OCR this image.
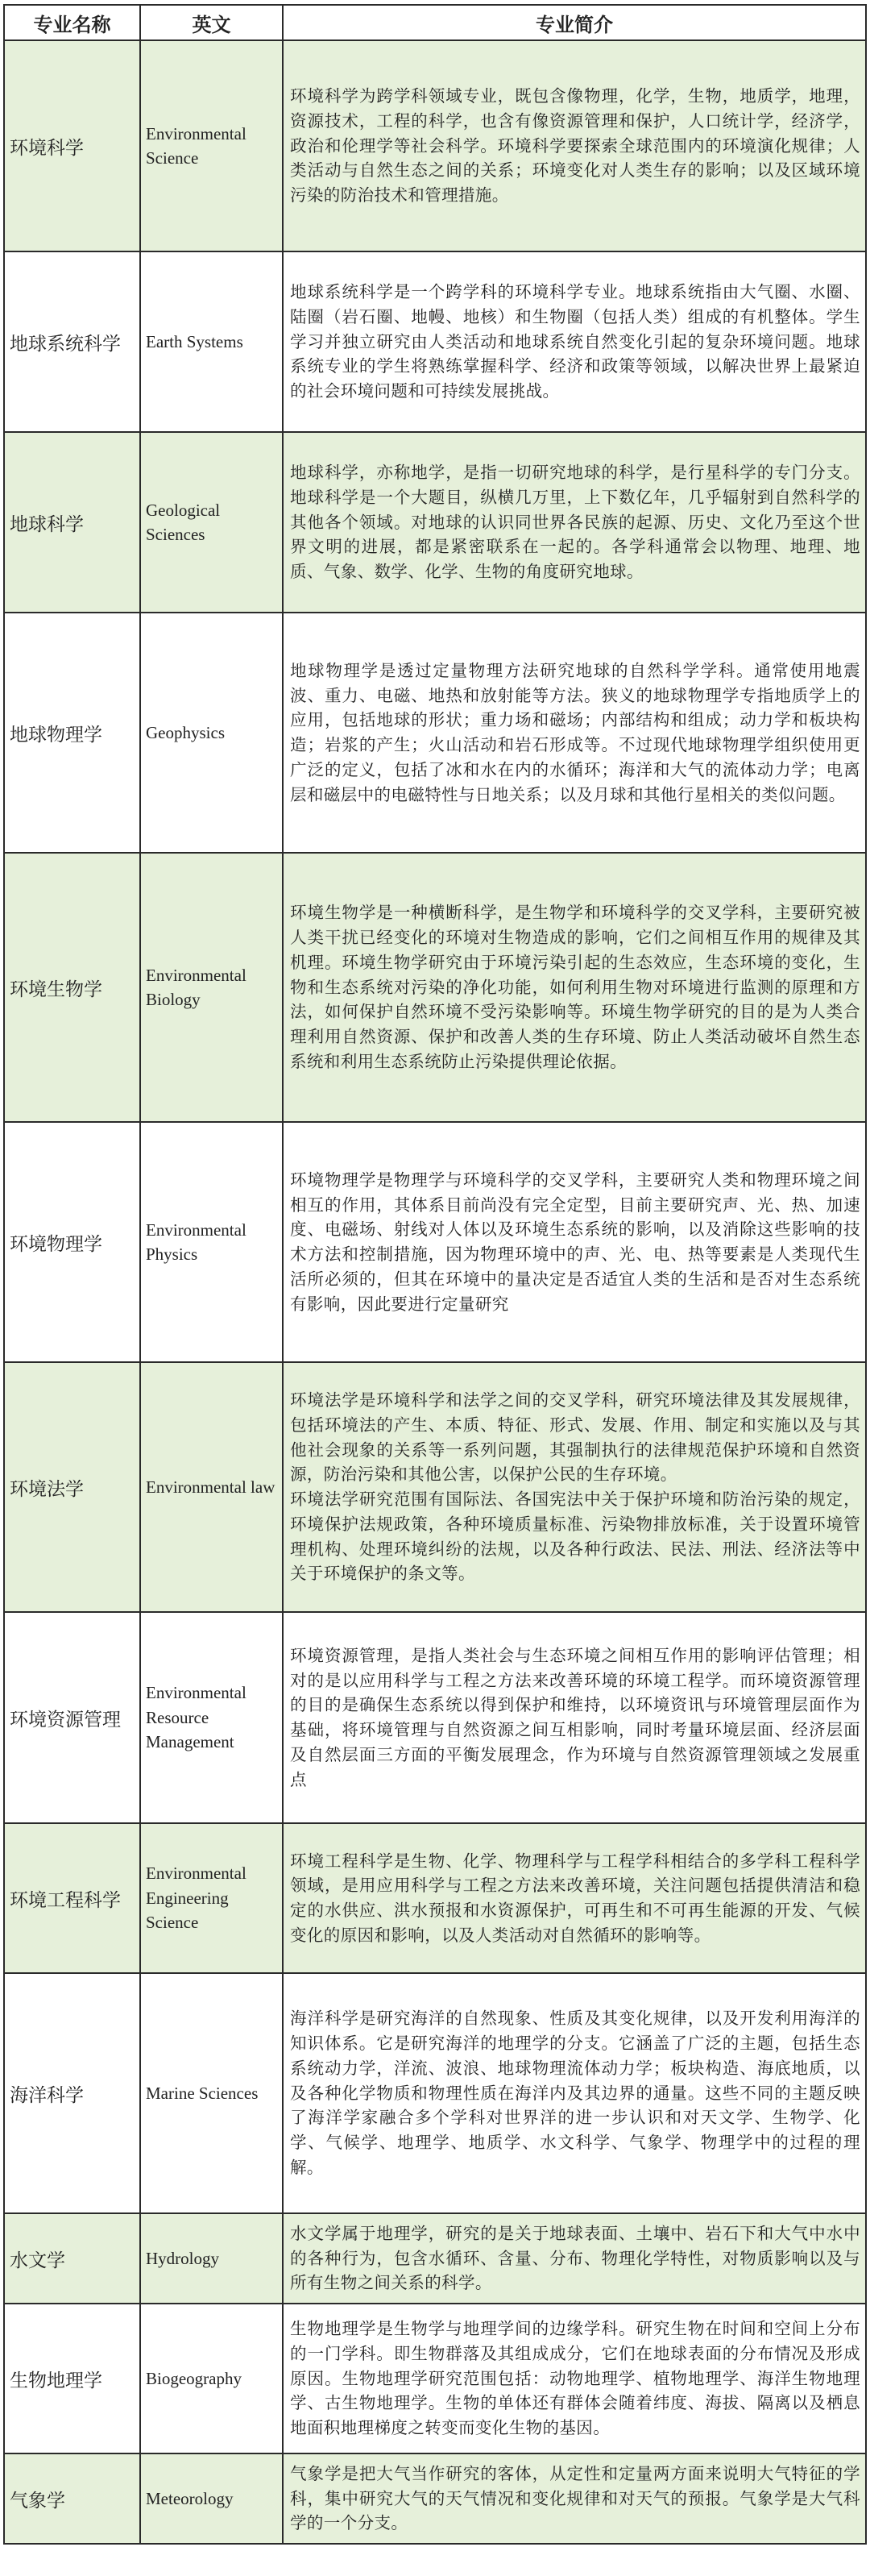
专业名称	英文	专业简介
环境科学	Environmental Science	环境科学为跨学科领域专业，既包含像物理，化学，生物，地质学，地理，资源技术，工程的科学，也含有像资源管理和保护，人口统计学，经济学，政治和伦理学等社会科学。环境科学要探索全球范围内的环境演化规律；人类活动与自然生态之间的关系；环境变化对人类生存的影响；以及区域环境污染的防治技术和管理措施。

地球系统科学	Earth Systems	地球系统科学是一个跨学科的环境科学专业。地球系统指由大气圈、水圈、陆圈（岩石圈、地幔、地核）和生物圈（包括人类）组成的有机整体。学生学习并独立研究由人类活动和地球系统自然变化引起的复杂环境问题。地球系统专业的学生将熟练掌握科学、经济和政策等领域，以解决世界上最紧迫的社会环境问题和可持续发展挑战。

地球科学	Geological Sciences	地球科学，亦称地学，是指一切研究地球的科学，是行星科学的专门分支。地球科学是一个大题目，纵横几万里，上下数亿年，几乎辐射到自然科学的其他各个领域。对地球的认识同世界各民族的起源、历史、文化乃至这个世界文明的进展，都是紧密联系在一起的。各学科通常会以物理、地理、地质、气象、数学、化学、生物的角度研究地球。

地球物理学	Geophysics	地球物理学是透过定量物理方法研究地球的自然科学学科。通常使用地震波、重力、电磁、地热和放射能等方法。狭义的地球物理学专指地质学上的应用，包括地球的形状；重力场和磁场；内部结构和组成；动力学和板块构造；岩浆的产生；火山活动和岩石形成等。不过现代地球物理学组织使用更广泛的定义，包括了冰和水在内的水循环；海洋和大气的流体动力学；电离层和磁层中的电磁特性与日地关系；以及月球和其他行星相关的类似问题。

环境生物学	Environmental Biology	环境生物学是一种横断科学，是生物学和环境科学的交叉学科，主要研究被人类干扰已经变化的环境对生物造成的影响，它们之间相互作用的规律及其机理。环境生物学研究由于环境污染引起的生态效应，生态环境的变化，生物和生态系统对污染的净化功能，如何利用生物对环境进行监测的原理和方法，如何保护自然环境不受污染影响等。环境生物学研究的目的是为人类合理利用自然资源、保护和改善人类的生存环境、防止人类活动破坏自然生态系统和利用生态系统防止污染提供理论依据。

环境物理学	Environmental Physics	环境物理学是物理学与环境科学的交叉学科，主要研究人类和物理环境之间相互的作用，其体系目前尚没有完全定型，目前主要研究声、光、热、加速度、电磁场、射线对人体以及环境生态系统的影响，以及消除这些影响的技术方法和控制措施，因为物理环境中的声、光、电、热等要素是人类现代生活所必须的，但其在环境中的量决定是否适宜人类的生活和是否对生态系统有影响，因此要进行定量研究

环境法学	Environmental law	环境法学是环境科学和法学之间的交叉学科，研究环境法律及其发展规律，包括环境法的产生、本质、特征、形式、发展、作用、制定和实施以及与其他社会现象的关系等一系列问题，其强制执行的法律规范保护环境和自然资源，防治污染和其他公害，以保护公民的生存环境。
环境法学研究范围有国际法、各国宪法中关于保护环境和防治污染的规定，环境保护法规政策，各种环境质量标准、污染物排放标准，关于设置环境管理机构、处理环境纠纷的法规，以及各种行政法、民法、刑法、经济法等中关于环境保护的条文等。

环境资源管理	Environmental Resource Management	环境资源管理，是指人类社会与生态环境之间相互作用的影响评估管理；相对的是以应用科学与工程之方法来改善环境的环境工程学。而环境资源管理的目的是确保生态系统以得到保护和维持，以环境资讯与环境管理层面作为基础，将环境管理与自然资源之间互相影响，同时考量环境层面、经济层面及自然层面三方面的平衡发展理念，作为环境与自然资源管理领域之发展重点

环境工程科学	Environmental Engineering Science	环境工程科学是生物、化学、物理科学与工程学科相结合的多学科工程科学领域，是用应用科学与工程之方法来改善环境，关注问题包括提供清洁和稳定的水供应、洪水预报和水资源保护，可再生和不可再生能源的开发、气候变化的原因和影响，以及人类活动对自然循环的影响等。

海洋科学	Marine Sciences	海洋科学是研究海洋的自然现象、性质及其变化规律，以及开发利用海洋的知识体系。它是研究海洋的地理学的分支。它涵盖了广泛的主题，包括生态系统动力学，洋流、波浪、地球物理流体动力学；板块构造、海底地质，以及各种化学物质和物理性质在海洋内及其边界的通量。这些不同的主题反映了海洋学家融合多个学科对世界洋的进一步认识和对天文学、生物学、化学、气候学、地理学、地质学、水文科学、气象学、物理学中的过程的理解。

水文学	Hydrology	水文学属于地理学，研究的是关于地球表面、土壤中、岩石下和大气中水中的各种行为，包含水循环、含量、分布、物理化学特性，对物质影响以及与所有生物之间关系的科学。

生物地理学	Biogeography	生物地理学是生物学与地理学间的边缘学科。研究生物在时间和空间上分布的一门学科。即生物群落及其组成成分，它们在地球表面的分布情况及形成原因。生物地理学研究范围包括：动物地理学、植物地理学、海洋生物地理学、古生物地理学。生物的单体还有群体会随着纬度、海拔、隔离以及栖息地面积地理梯度之转变而变化生物的基因。

气象学	Meteorology	气象学是把大气当作研究的客体，从定性和定量两方面来说明大气特征的学科，集中研究大气的天气情况和变化规律和对天气的预报。气象学是大气科学的一个分支。
